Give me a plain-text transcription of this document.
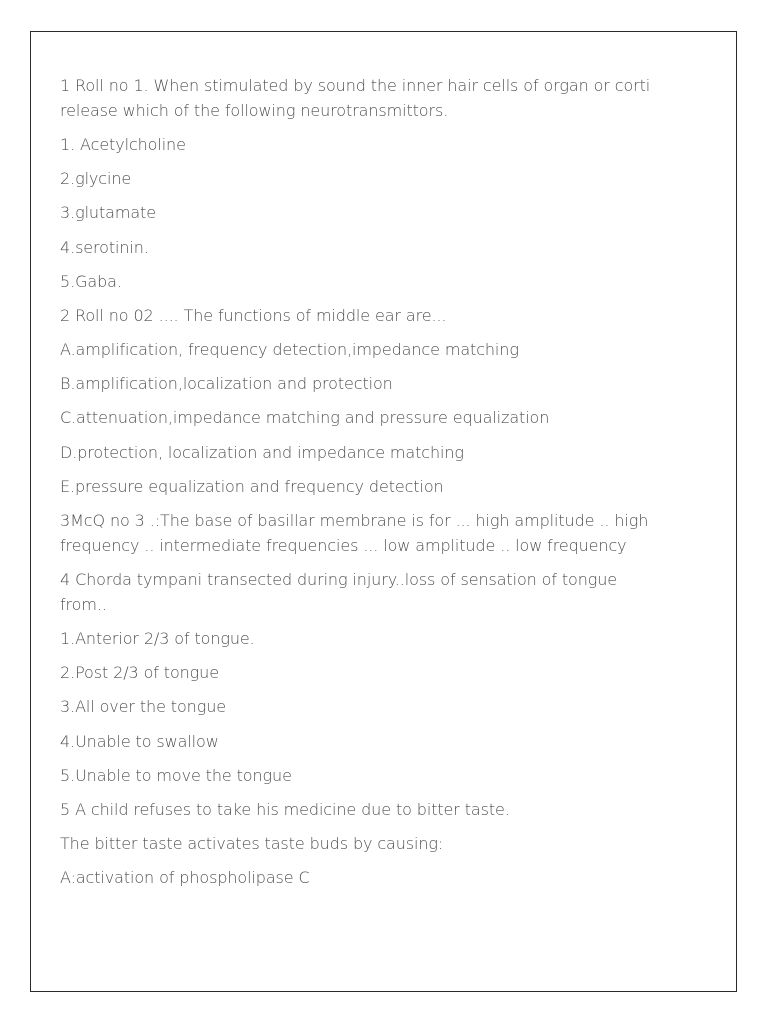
1 Roll no 1. When stimulated by sound the inner hair cells of organ or corti release which of the following neurotransmittors.

1. Acetylcholine

2.glycine

3.glutamate

4.serotinin.

5.Gaba.

2 Roll no 02 .... The functions of middle ear are...

A.amplification, frequency detection,impedance matching

B.amplification,localization and protection

C.attenuation,impedance matching and pressure equalization

D.protection, localization and impedance matching

E.pressure equalization and frequency detection

3McQ no 3 .:The base of basillar membrane is for ... high amplitude .. high frequency .. intermediate frequencies ... low amplitude .. low frequency

4 Chorda tympani transected during injury..loss of sensation of tongue from..

1.Anterior 2/3 of tongue.

2.Post 2/3 of tongue

3.All over the tongue

4.Unable to swallow

5.Unable to move the tongue

5 A child refuses to take his medicine due to bitter taste.

The bitter taste activates taste buds by causing:

A:activation of phospholipase C
